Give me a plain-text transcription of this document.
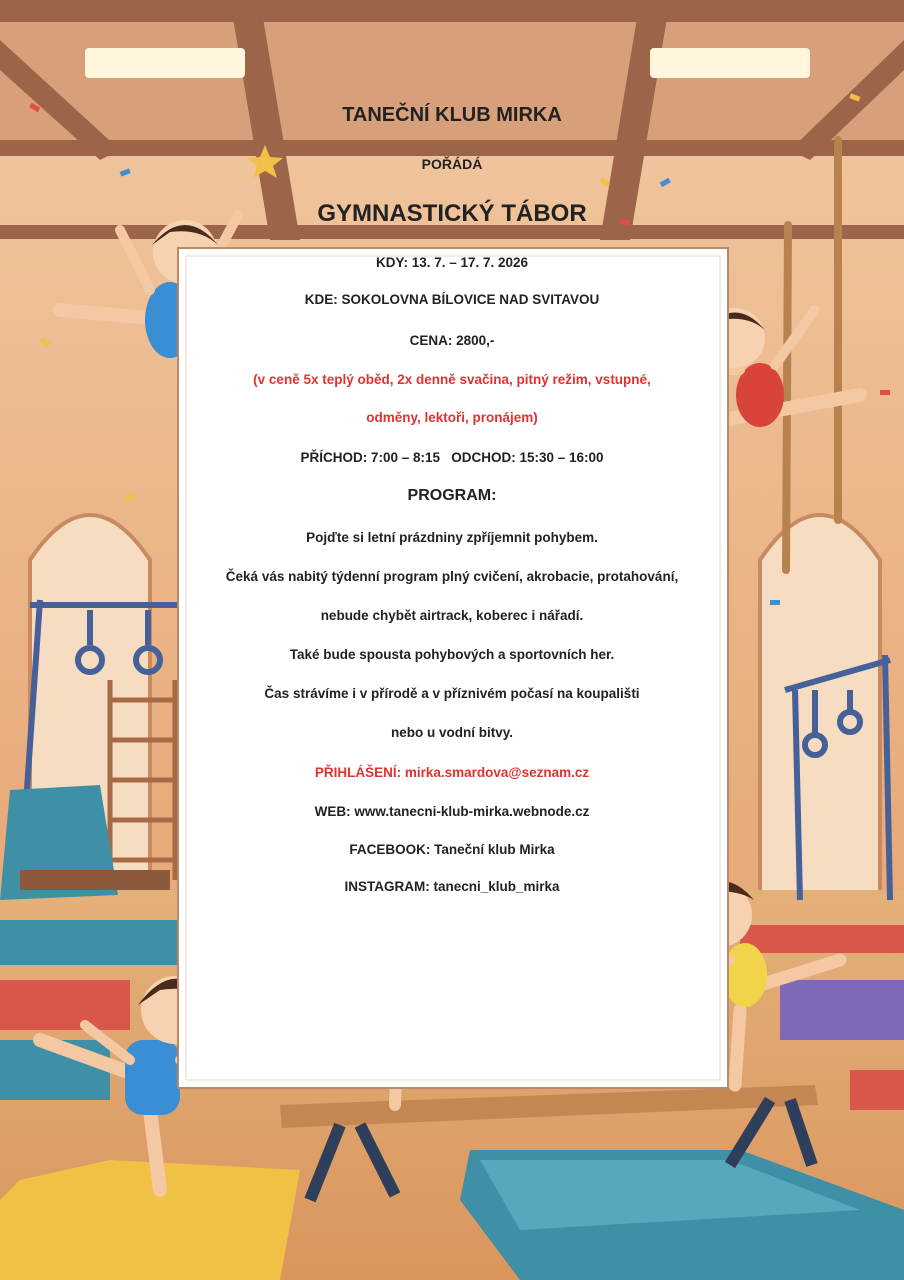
TANEČNÍ KLUB MIRKA
POŘÁDÁ
GYMNASTICKÝ TÁBOR
KDY: 13. 7. – 17. 7. 2026
KDE: SOKOLOVNA BÍLOVICE NAD SVITAVOU
CENA: 2800,-
(v ceně 5x teplý oběd, 2x denně svačina, pitný režim, vstupné,
odměny, lektoři, pronájem)
PŘÍCHOD: 7:00 – 8:15   ODCHOD: 15:30 – 16:00
PROGRAM:
Pojďte si letní prázdniny zpříjemnit pohybem.
Čeká vás nabitý týdenní program plný cvičení, akrobacie, protahování,
nebude chybět airtrack, koberec i nářadí.
Také bude spousta pohybových a sportovních her.
Čas strávíme i v přírodě a v příznivém počasí na koupališti
nebo u vodní bitvy.
PŘIHLÁŠENÍ: mirka.smardova@seznam.cz
WEB: www.tanecni-klub-mirka.webnode.cz
FACEBOOK: Taneční klub Mirka
INSTAGRAM: tanecni_klub_mirka
